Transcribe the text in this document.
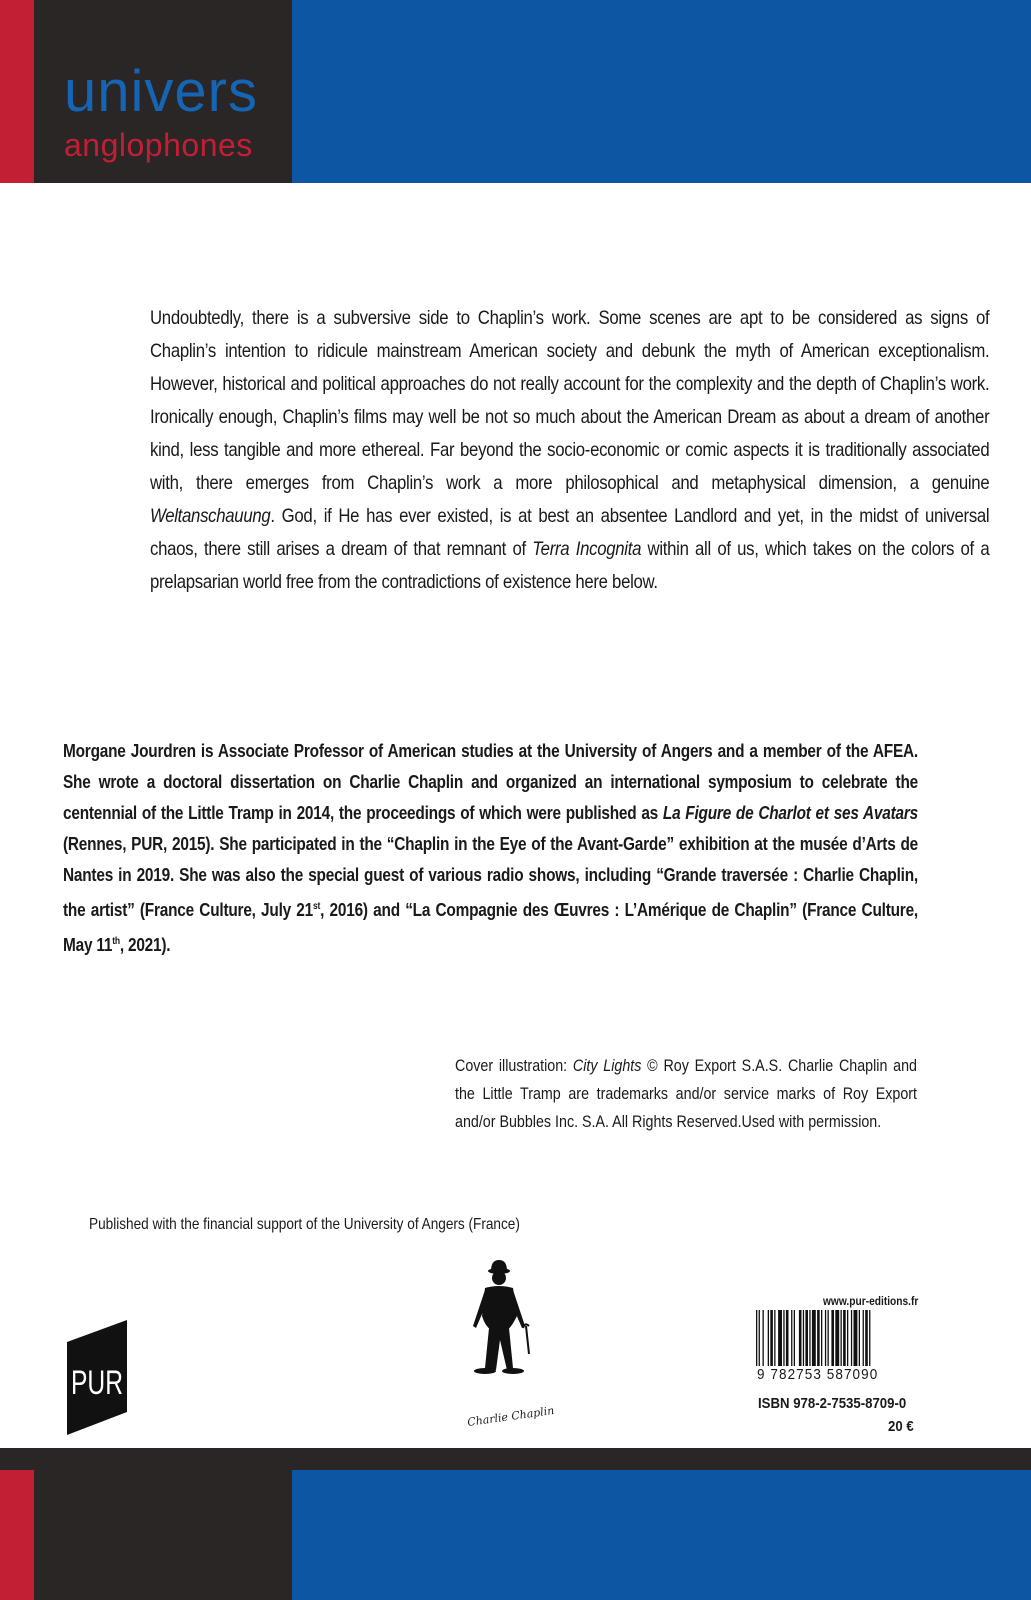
univers
anglophones
Undoubtedly, there is a subversive side to Chaplin’s work. Some scenes are apt to be considered as signs of Chaplin’s intention to ridicule mainstream American society and debunk the myth of American exceptionalism. However, historical and political approaches do not really account for the complexity and the depth of Chaplin’s work. Ironically enough, Chaplin’s films may well be not so much about the American Dream as about a dream of another kind, less tangible and more ethereal. Far beyond the socio-economic or comic aspects it is traditionally associated with, there emerges from Chaplin’s work a more philosophical and metaphysical dimension, a genuine Weltanschauung. God, if He has ever existed, is at best an absentee Landlord and yet, in the midst of universal chaos, there still arises a dream of that remnant of Terra Incognita within all of us, which takes on the colors of a prelapsarian world free from the contradictions of existence here below.
Morgane Jourdren is Associate Professor of American studies at the University of Angers and a member of the AFEA. She wrote a doctoral dissertation on Charlie Chaplin and organized an international symposium to celebrate the centennial of the Little Tramp in 2014, the proceedings of which were published as La Figure de Charlot et ses Avatars (Rennes, PUR, 2015). She participated in the “Chaplin in the Eye of the Avant-Garde” exhibition at the musée d’Arts de Nantes in 2019. She was also the special guest of various radio shows, including “Grande traversée : Charlie Chaplin, the artist” (France Culture, July 21st, 2016) and “La Compagnie des Œuvres : L’Amérique de Chaplin” (France Culture, May 11th, 2021).
Cover illustration: City Lights © Roy Export S.A.S. Charlie Chaplin and the Little Tramp are trademarks and/or service marks of Roy Export and/or Bubbles Inc. S.A. All Rights Reserved.Used with permission.
Published with the financial support of the University of Angers (France)
PUR
Charlie Chaplin
www.pur-editions.fr
9 782753 587090
ISBN 978-2-7535-8709-0
20 €
